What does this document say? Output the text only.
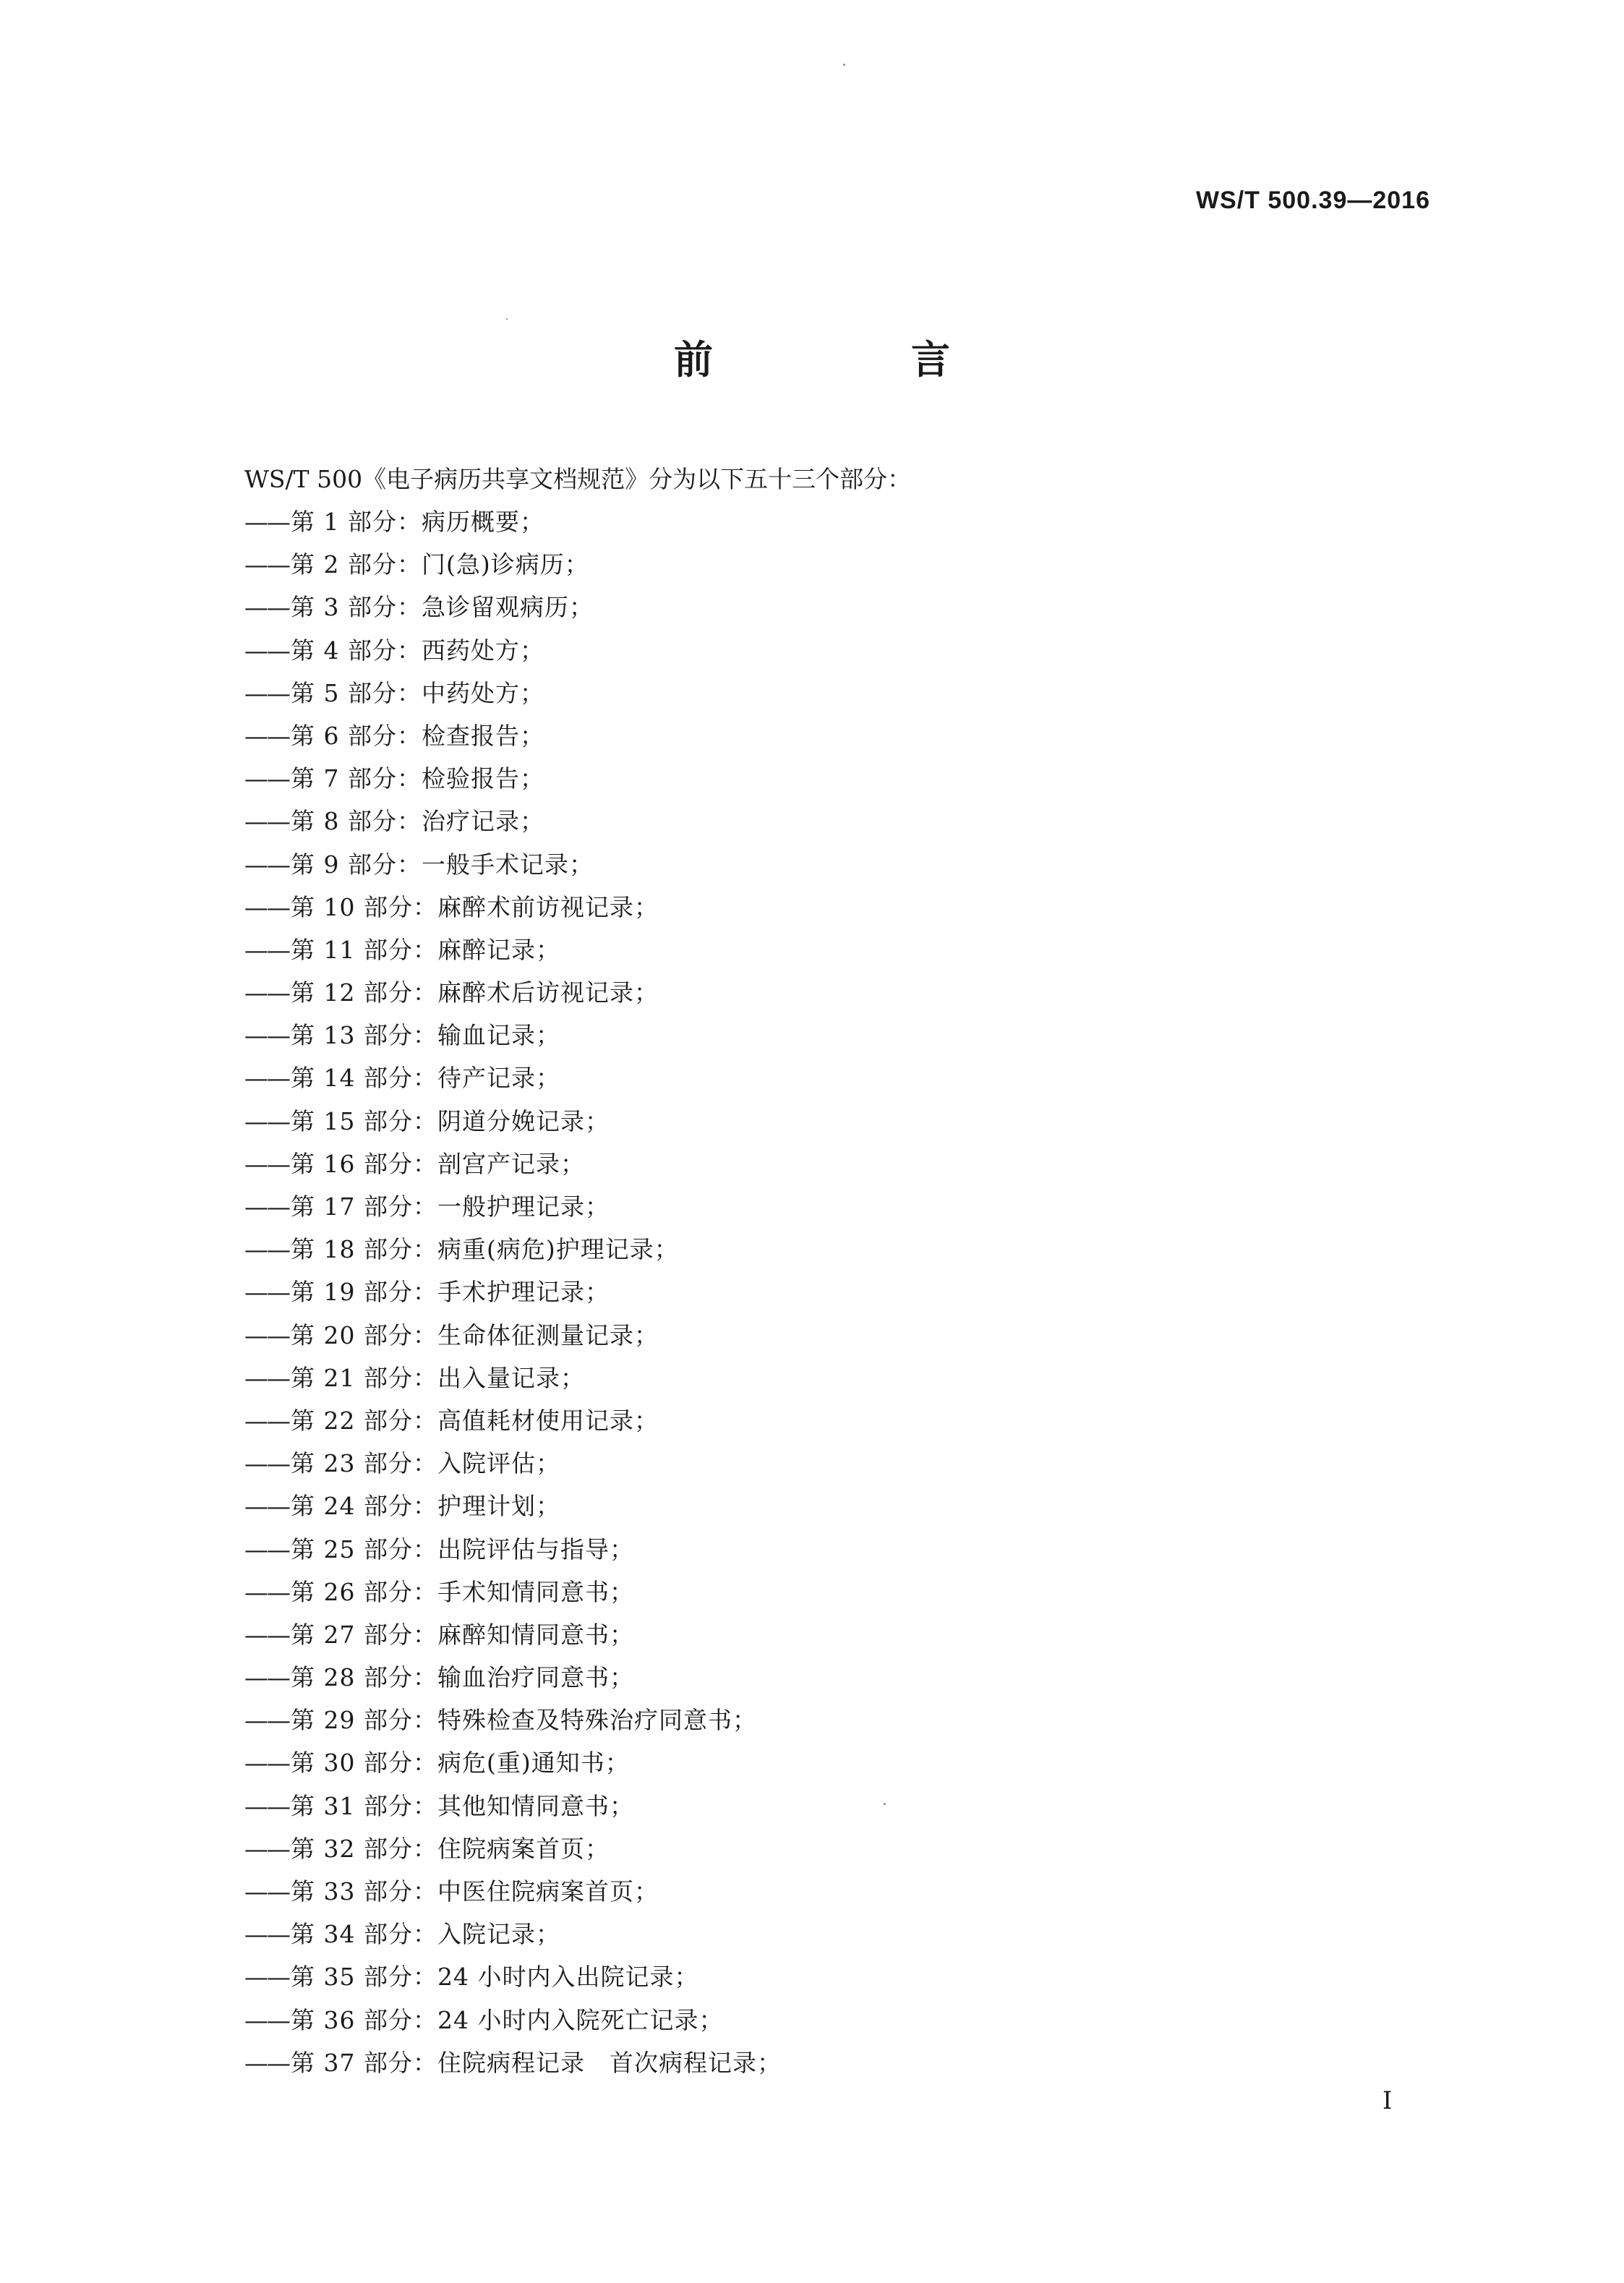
WS/T 500.39—2016
前　言
WS/T 500《电子病历共享文档规范》分为以下五十三个部分：
——第 1 部分：病历概要；
——第 2 部分：门(急)诊病历；
——第 3 部分：急诊留观病历；
——第 4 部分：西药处方；
——第 5 部分：中药处方；
——第 6 部分：检查报告；
——第 7 部分：检验报告；
——第 8 部分：治疗记录；
——第 9 部分：一般手术记录；
——第 10 部分：麻醉术前访视记录；
——第 11 部分：麻醉记录；
——第 12 部分：麻醉术后访视记录；
——第 13 部分：输血记录；
——第 14 部分：待产记录；
——第 15 部分：阴道分娩记录；
——第 16 部分：剖宫产记录；
——第 17 部分：一般护理记录；
——第 18 部分：病重(病危)护理记录；
——第 19 部分：手术护理记录；
——第 20 部分：生命体征测量记录；
——第 21 部分：出入量记录；
——第 22 部分：高值耗材使用记录；
——第 23 部分：入院评估；
——第 24 部分：护理计划；
——第 25 部分：出院评估与指导；
——第 26 部分：手术知情同意书；
——第 27 部分：麻醉知情同意书；
——第 28 部分：输血治疗同意书；
——第 29 部分：特殊检查及特殊治疗同意书；
——第 30 部分：病危(重)通知书；
——第 31 部分：其他知情同意书；
——第 32 部分：住院病案首页；
——第 33 部分：中医住院病案首页；
——第 34 部分：入院记录；
——第 35 部分：24 小时内入出院记录；
——第 36 部分：24 小时内入院死亡记录；
——第 37 部分：住院病程记录　首次病程记录；
I
